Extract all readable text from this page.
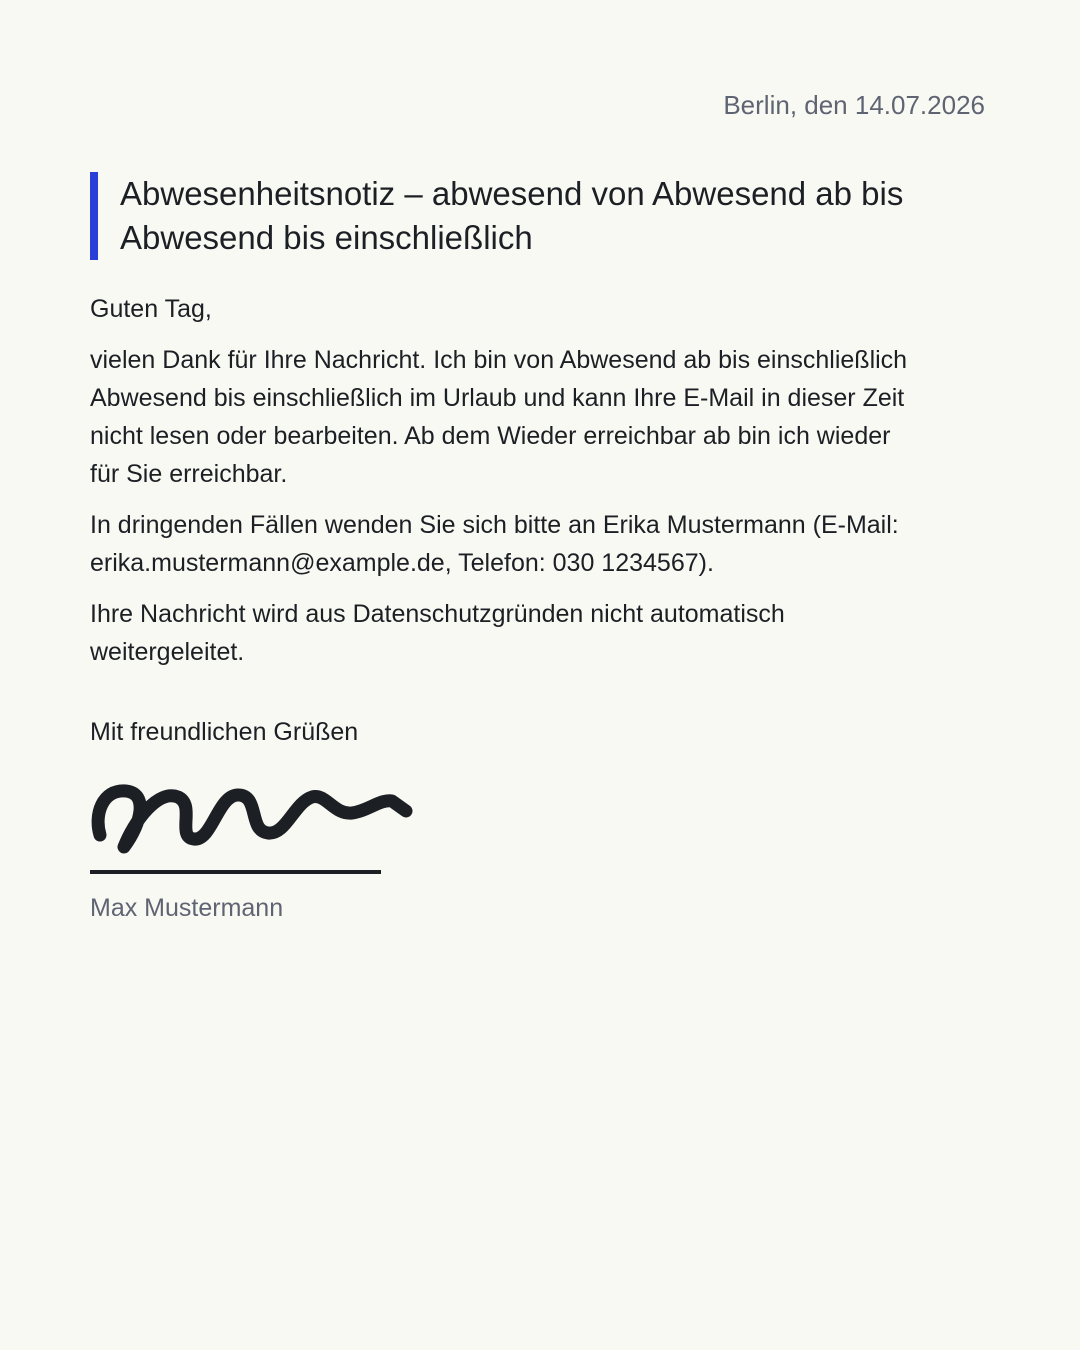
Berlin, den 14.07.2026
Abwesenheitsnotiz – abwesend von Abwesend ab bis Abwesend bis einschließlich

Guten Tag,

vielen Dank für Ihre Nachricht. Ich bin von Abwesend ab bis einschließlich Abwesend bis einschließlich im Urlaub und kann Ihre E-Mail in dieser Zeit nicht lesen oder bearbeiten. Ab dem Wieder erreichbar ab bin ich wieder für Sie erreichbar.

In dringenden Fällen wenden Sie sich bitte an Erika Mustermann (E-Mail: erika.mustermann@example.de, Telefon: 030 1234567).

Ihre Nachricht wird aus Datenschutzgründen nicht automatisch weitergeleitet.

Mit freundlichen Grüßen
Max Mustermann
